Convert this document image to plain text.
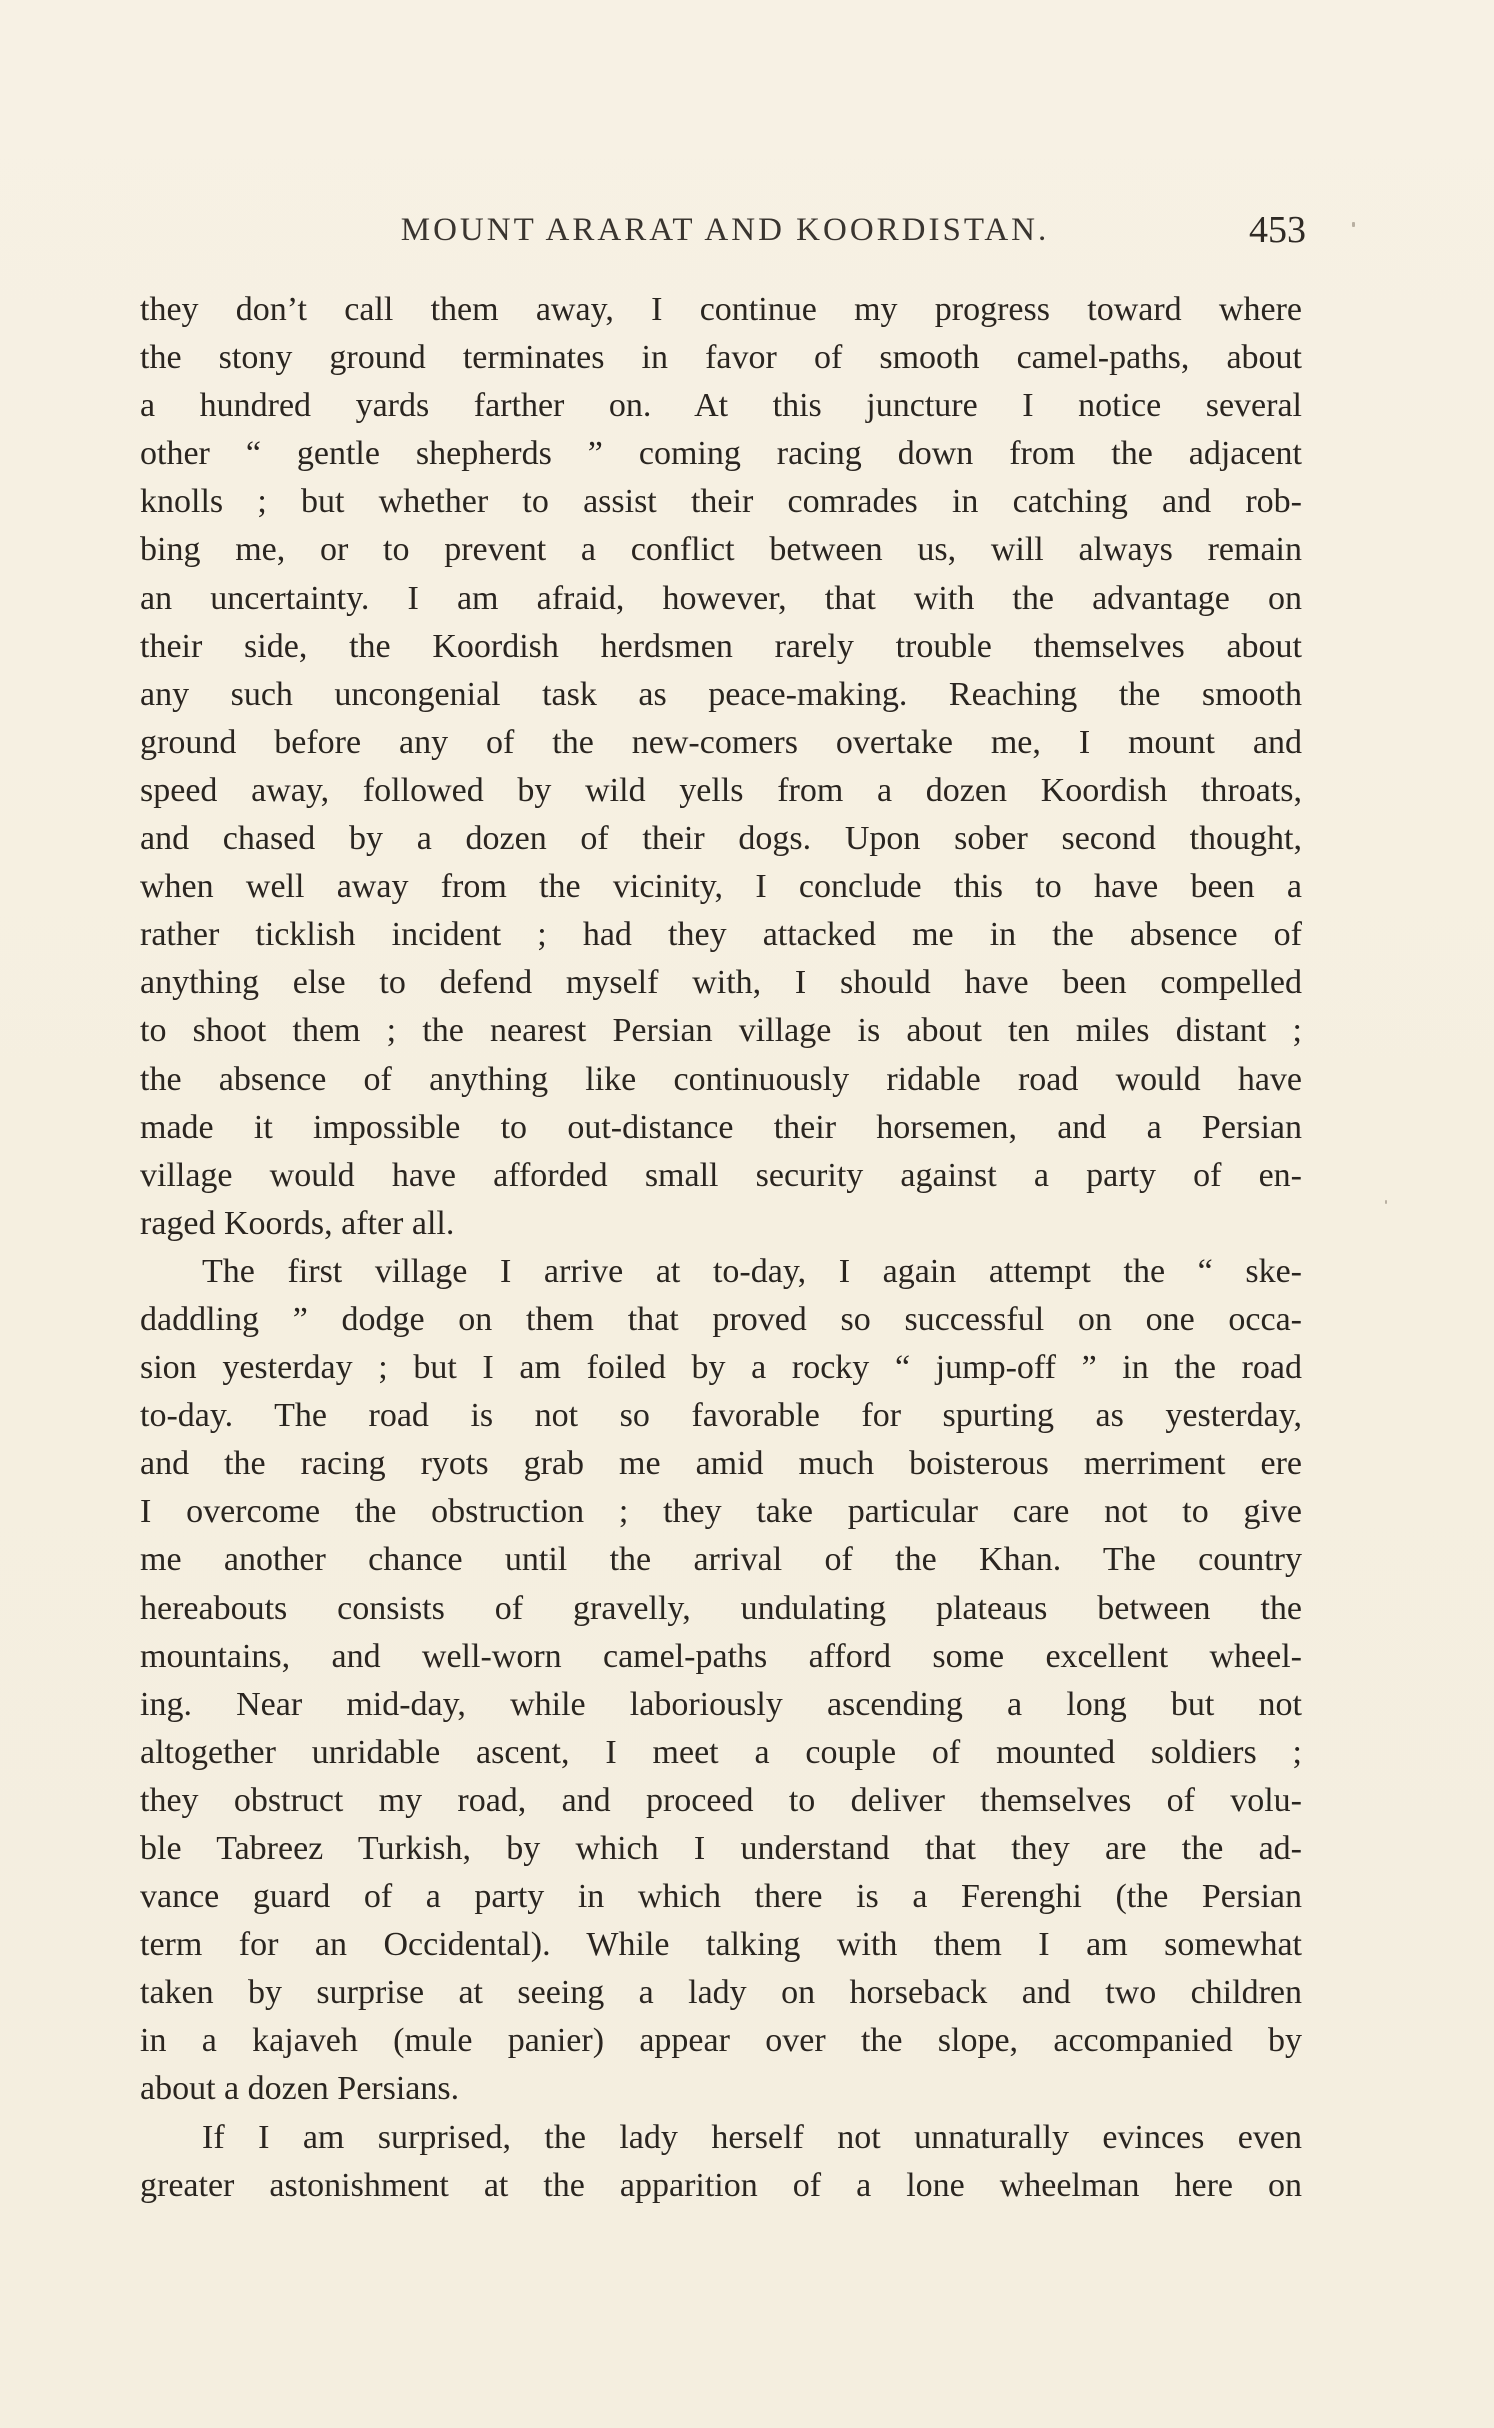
MOUNT ARARAT AND KOORDISTAN.	453
they don’t call them away, I continue my progress toward where
the stony ground terminates in favor of smooth camel-paths, about
a hundred yards farther on. At this juncture I notice several
other “ gentle shepherds ” coming racing down from the adjacent
knolls ; but whether to assist their comrades in catching and rob-
bing me, or to prevent a conflict between us, will always remain
an uncertainty. I am afraid, however, that with the advantage on
their side, the Koordish herdsmen rarely trouble themselves about
any such uncongenial task as peace-making. Reaching the smooth
ground before any of the new-comers overtake me, I mount and
speed away, followed by wild yells from a dozen Koordish throats,
and chased by a dozen of their dogs. Upon sober second thought,
when well away from the vicinity, I conclude this to have been a
rather ticklish incident ; had they attacked me in the absence of
anything else to defend myself with, I should have been compelled
to shoot them ; the nearest Persian village is about ten miles distant ;
the absence of anything like continuously ridable road would have
made it impossible to out-distance their horsemen, and a Persian
village would have afforded small security against a party of en-
raged Koords, after all.
The first village I arrive at to-day, I again attempt the “ ske-
daddling ” dodge on them that proved so successful on one occa-
sion yesterday ; but I am foiled by a rocky “ jump-off ” in the road
to-day. The road is not so favorable for spurting as yesterday,
and the racing ryots grab me amid much boisterous merriment ere
I overcome the obstruction ; they take particular care not to give
me another chance until the arrival of the Khan. The country
hereabouts consists of gravelly, undulating plateaus between the
mountains, and well-worn camel-paths afford some excellent wheel-
ing. Near mid-day, while laboriously ascending a long but not
altogether unridable ascent, I meet a couple of mounted soldiers ;
they obstruct my road, and proceed to deliver themselves of volu-
ble Tabreez Turkish, by which I understand that they are the ad-
vance guard of a party in which there is a Ferenghi (the Persian
term for an Occidental). While talking with them I am somewhat
taken by surprise at seeing a lady on horseback and two children
in a kajaveh (mule panier) appear over the slope, accompanied by
about a dozen Persians.
If I am surprised, the lady herself not unnaturally evinces even
greater astonishment at the apparition of a lone wheelman here on
